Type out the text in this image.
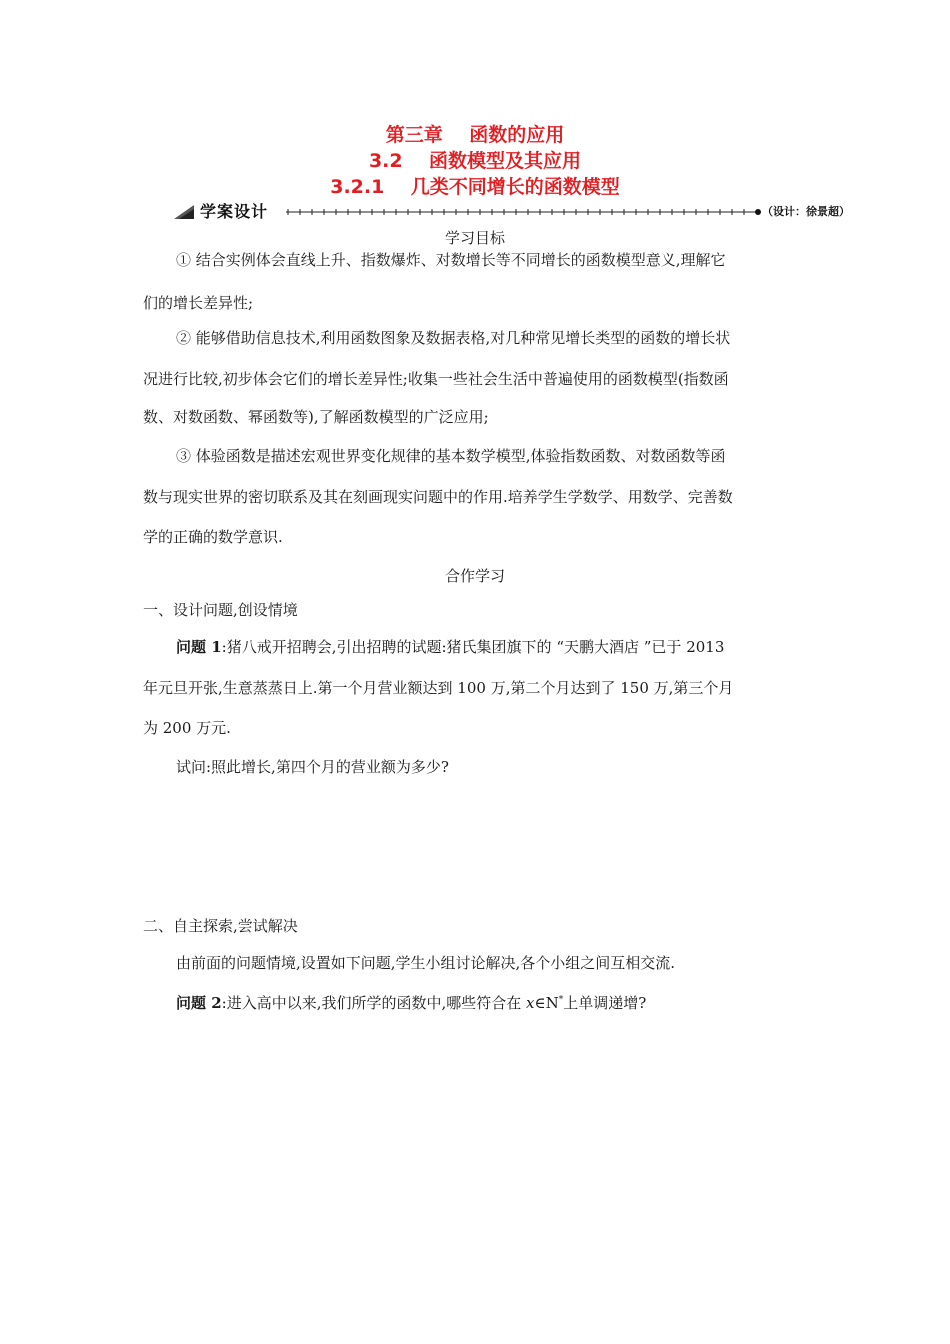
第三章    函数的应用
3.2    函数模型及其应用
3.2.1    几类不同增长的函数模型
学案设计	（设计：徐景超）
学习目标
① 结合实例体会直线上升、指数爆炸、对数增长等不同增长的函数模型意义,理解它
们的增长差异性;
② 能够借助信息技术,利用函数图象及数据表格,对几种常见增长类型的函数的增长状
况进行比较,初步体会它们的增长差异性;收集一些社会生活中普遍使用的函数模型(指数函
数、对数函数、幂函数等),了解函数模型的广泛应用;
③ 体验函数是描述宏观世界变化规律的基本数学模型,体验指数函数、对数函数等函
数与现实世界的密切联系及其在刻画现实问题中的作用.培养学生学数学、用数学、完善数
学的正确的数学意识.
合作学习
一、设计问题,创设情境
问题 1:猪八戒开招聘会,引出招聘的试题:猪氏集团旗下的 “天鹏大酒店 ”已于 2013
年元旦开张,生意蒸蒸日上.第一个月营业额达到 100 万,第二个月达到了 150 万,第三个月
为 200 万元.
试问:照此增长,第四个月的营业额为多少?
二、自主探索,尝试解决
由前面的问题情境,设置如下问题,学生小组讨论解决,各个小组之间互相交流.
问题 2:进入高中以来,我们所学的函数中,哪些符合在 x∈N*上单调递增?
